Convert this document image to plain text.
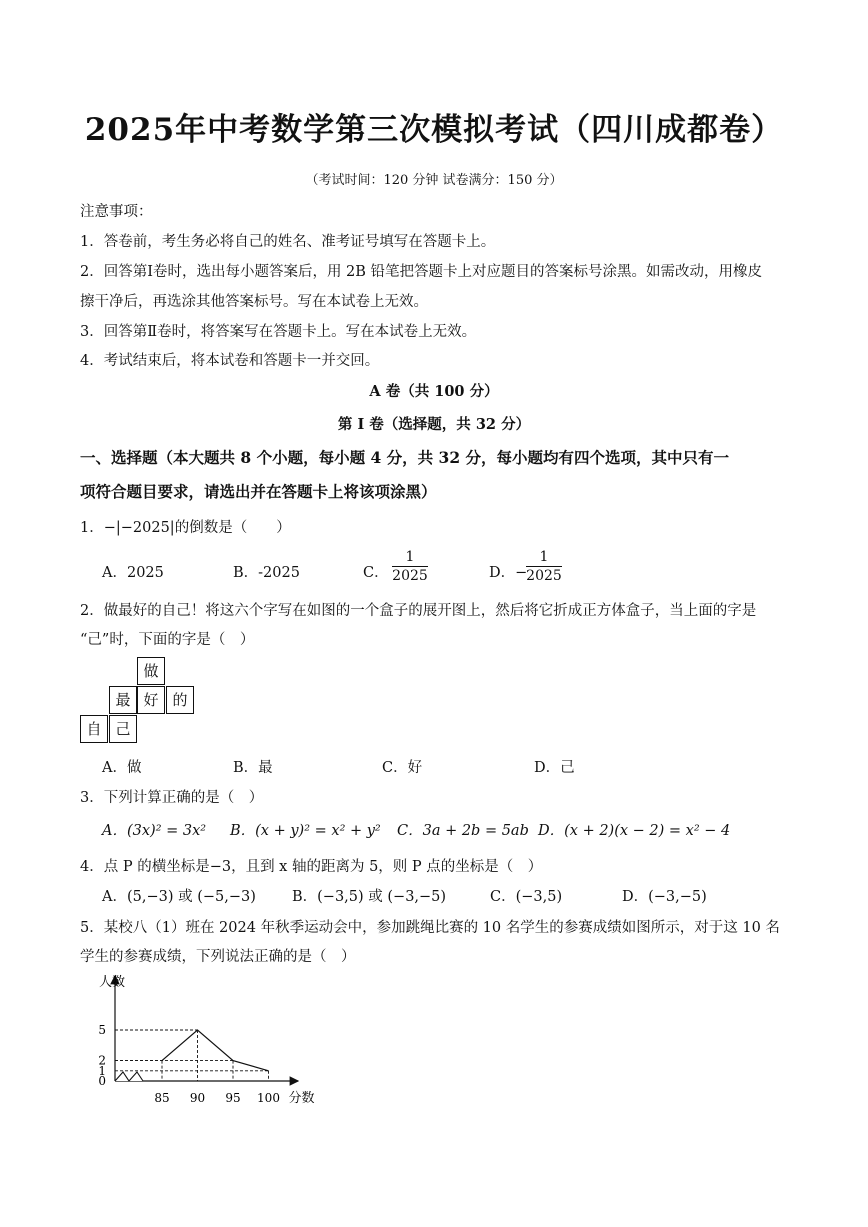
2025年中考数学第三次模拟考试（四川成都卷）
（考试时间：120 分钟 试卷满分：150 分）
注意事项：
1．答卷前，考生务必将自己的姓名、准考证号填写在答题卡上。
2．回答第Ⅰ卷时，选出每小题答案后，用 2B 铅笔把答题卡上对应题目的答案标号涂黑。如需改动，用橡皮
擦干净后，再选涂其他答案标号。写在本试卷上无效。
3．回答第Ⅱ卷时，将答案写在答题卡上。写在本试卷上无效。
4．考试结束后，将本试卷和答题卡一并交回。
A 卷（共 100 分）
第 I 卷（选择题，共 32 分）
一、选择题（本大题共 8 个小题，每小题 4 分，共 32 分，每小题均有四个选项，其中只有一
项符合题目要求，请选出并在答题卡上将该项涂黑）
1．−|−2025|的倒数是（　　）
A．2025	B．-2025	C．
1
2025	D．−
1
2025
2．做最好的自己！将这六个字写在如图的一个盒子的展开图上，然后将它折成正方体盒子，当上面的字是
“己”时，下面的字是（　）
做
最 好 的
自 己
A．做	B．最	C．好	D．己
3．下列计算正确的是（　）
A．(3x)² = 3x² B．(x + y)² = x² + y² C．3a + 2b = 5ab D．(x + 2)(x − 2) = x² − 4
4．点 P 的横坐标是−3，且到 x 轴的距离为 5，则 P 点的坐标是（　）
A．(5,−3) 或 (−5,−3) B．(−3,5) 或 (−3,−5)	C．(−3,5)	D．(−3,−5)
5．某校八（1）班在 2024 年秋季运动会中，参加跳绳比赛的 10 名学生的参赛成绩如图所示，对于这 10 名
学生的参赛成绩，下列说法正确的是（　）
0
1
2
5
85 90 95 100
人数
分数
